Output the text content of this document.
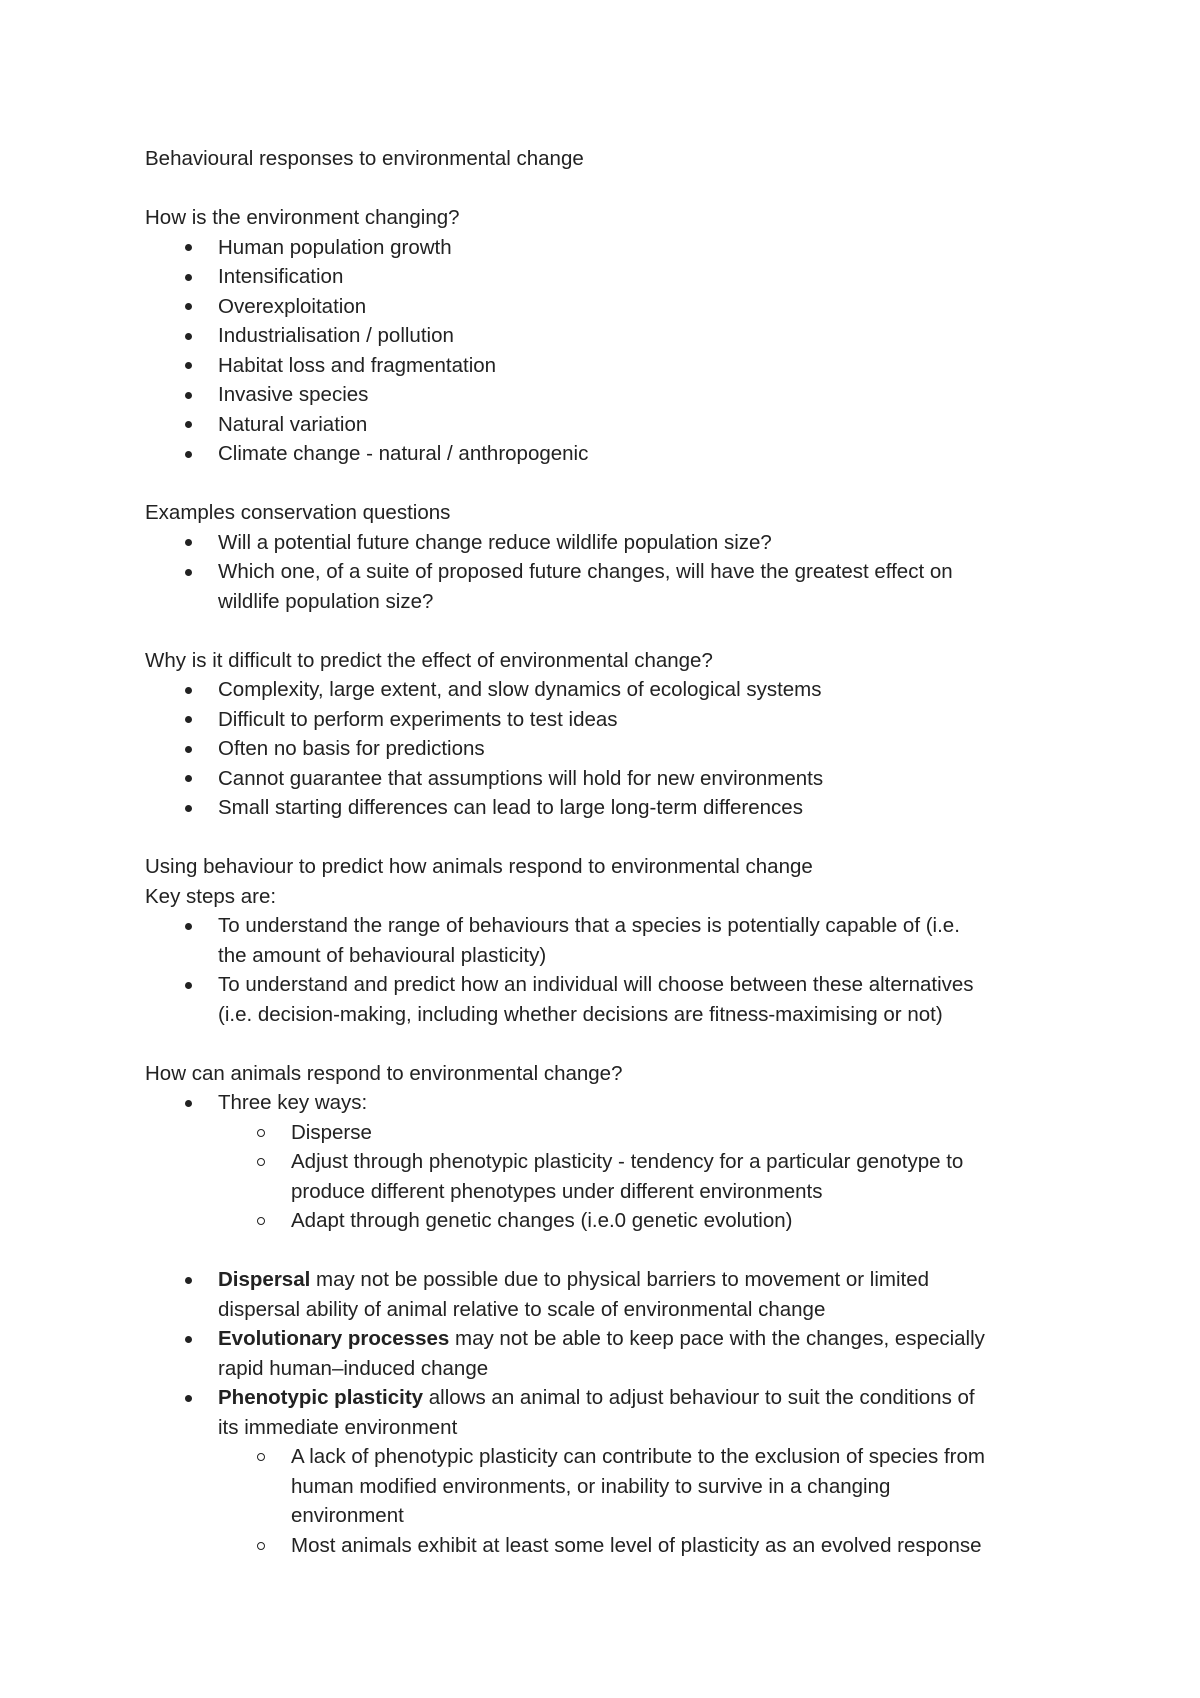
Behavioural responses to environmental change
How is the environment changing?
Human population growth
Intensification
Overexploitation
Industrialisation / pollution
Habitat loss and fragmentation
Invasive species
Natural variation
Climate change - natural / anthropogenic
Examples conservation questions
Will a potential future change reduce wildlife population size?
Which one, of a suite of proposed future changes, will have the greatest effect on
wildlife population size?
Why is it difficult to predict the effect of environmental change?
Complexity, large extent, and slow dynamics of ecological systems
Difficult to perform experiments to test ideas
Often no basis for predictions
Cannot guarantee that assumptions will hold for new environments
Small starting differences can lead to large long-term differences
Using behaviour to predict how animals respond to environmental change
Key steps are:
To understand the range of behaviours that a species is potentially capable of (i.e.
the amount of behavioural plasticity)
To understand and predict how an individual will choose between these alternatives
(i.e. decision-making, including whether decisions are fitness-maximising or not)
How can animals respond to environmental change?
Three key ways:
Disperse
Adjust through phenotypic plasticity - tendency for a particular genotype to
produce different phenotypes under different environments
Adapt through genetic changes (i.e.0 genetic evolution)
Dispersal may not be possible due to physical barriers to movement or limited
dispersal ability of animal relative to scale of environmental change
Evolutionary processes may not be able to keep pace with the changes, especially
rapid human–induced change
Phenotypic plasticity allows an animal to adjust behaviour to suit the conditions of
its immediate environment
A lack of phenotypic plasticity can contribute to the exclusion of species from
human modified environments, or inability to survive in a changing
environment
Most animals exhibit at least some level of plasticity as an evolved response
